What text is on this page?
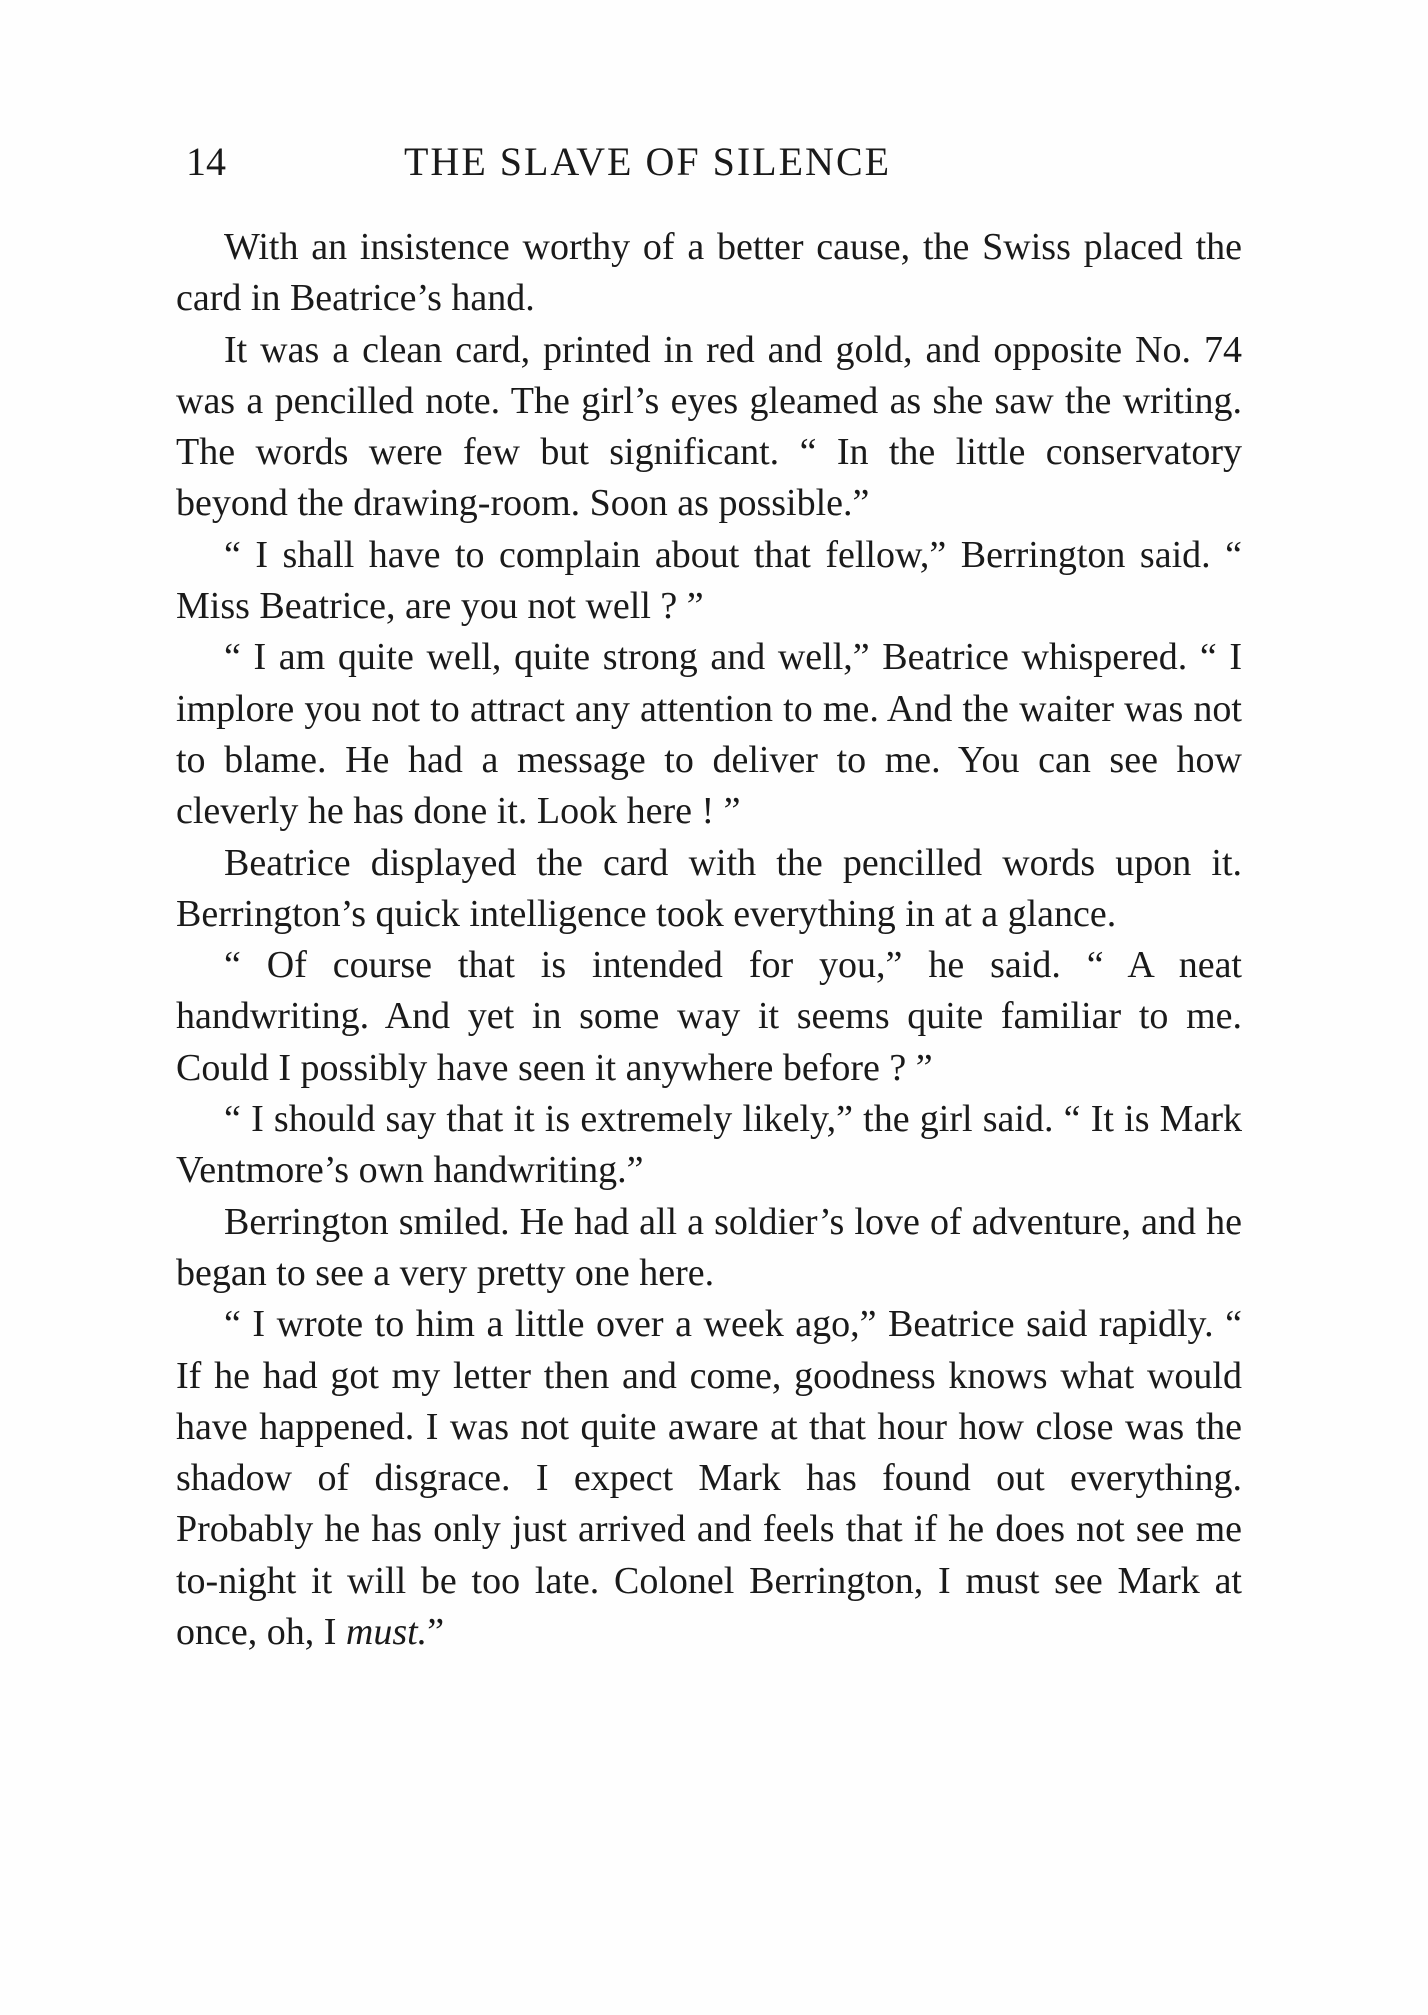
14	THE SLAVE OF SILENCE

With an insistence worthy of a better cause, the Swiss placed the card in Beatrice’s hand.

It was a clean card, printed in red and gold, and opposite No. 74 was a pencilled note. The girl’s eyes gleamed as she saw the writing. The words were few but significant. “ In the little conservatory beyond the drawing-room. Soon as possible.”

“ I shall have to complain about that fellow,” Berrington said. “ Miss Beatrice, are you not well ? ”

“ I am quite well, quite strong and well,” Beatrice whispered. “ I implore you not to attract any attention to me. And the waiter was not to blame. He had a message to deliver to me. You can see how cleverly he has done it. Look here ! ”

Beatrice displayed the card with the pencilled words upon it. Berrington’s quick intelligence took everything in at a glance.

“ Of course that is intended for you,” he said. “ A neat handwriting. And yet in some way it seems quite familiar to me. Could I possibly have seen it anywhere before ? ”

“ I should say that it is extremely likely,” the girl said. “ It is Mark Ventmore’s own handwriting.”

Berrington smiled. He had all a soldier’s love of adventure, and he began to see a very pretty one here.

“ I wrote to him a little over a week ago,” Beatrice said rapidly. “ If he had got my letter then and come, goodness knows what would have happened. I was not quite aware at that hour how close was the shadow of disgrace. I expect Mark has found out everything. Probably he has only just arrived and feels that if he does not see me to-night it will be too late. Colonel Berrington, I must see Mark at once, oh, I must.”
